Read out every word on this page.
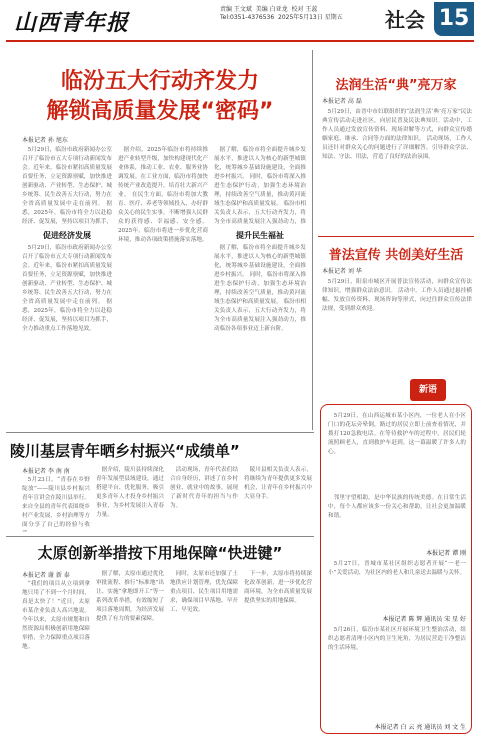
山西青年报
责编 王文斌  美编 白亚龙  校对 王蕊
Tel:0351-4376536  2025年5月13日 星期五 社会 15
临汾五大行动齐发力
解锁高质量发展“密码”
本报记者 孙 旭东

5月29日，临汾市政府新闻办公室召开了临汾市五大专项行动新闻发布会。近年来，临汾市紧扣高质量发展首要任务，立足资源禀赋，加快推进创新驱动、产业转型、生态保护、城乡统筹、民生改善五大行动，努力在全省高质量发展中走在前列。 据悉，2025年，临汾市将全力以赴稳经济、促发展，坚持以项目为抓手，

促进经济发展

5月29日，临汾市政府新闻办公室召开了临汾市五大专项行动新闻发布会。近年来，临汾市紧扣高质量发展首要任务，立足资源禀赋，加快推进创新驱动、产业转型、生态保护、城乡统筹、民生改善五大行动，努力在全省高质量发展中走在前列。 据悉，2025年，临汾市将全力以赴稳经济、促发展，坚持以项目为抓手，全力推动重点工作落地见效。

据介绍，2025年临汾市将持续推进产业转型升级，加快构建现代化产业体系，推动工业、农业、服务业协调发展。在工业方面，临汾市将加快传统产业改造提升，培育壮大新兴产业。 在民生方面，临汾市将加大教育、医疗、养老等领域投入，办好群众关心的民生实事，不断增强人民群众的获得感、幸福感、安全感。 2025年，临汾市将进一步优化营商环境，推动各项政策措施落实落地。

据了解，临汾市将全面提升城乡发展水平，推进以人为核心的新型城镇化，统筹城乡基础设施建设，全面推进乡村振兴。 同时，临汾市将深入推进生态保护行动，加强生态环境治理，持续改善空气质量，推动黄河流域生态保护和高质量发展。 临汾市相关负责人表示，五大行动齐发力，将为全市高质量发展注入强劲动力，推

提升民生福祉

据了解，临汾市将全面提升城乡发展水平，推进以人为核心的新型城镇化，统筹城乡基础设施建设，全面推进乡村振兴。 同时，临汾市将深入推进生态保护行动，加强生态环境治理，持续改善空气质量，推动黄河流域生态保护和高质量发展。 临汾市相关负责人表示，五大行动齐发力，将为全市高质量发展注入强劲动力，推动临汾各项事业迈上新台阶。

法润生活“典”亮万家
本报记者 高 磊

5月29日，由晋中市妇联组织的“法润生活‘典’亮万家”民法典宣传活动走进社区，向居民普及民法典知识。活动中，工作人员通过发放宣传资料、现场讲解等方式，向群众宣传婚姻家庭、继承、合同等方面的法律知识。 活动现场，工作人员还针对群众关心的问题进行了详细解答，引导群众学法、知法、守法、用法，营造了良好的法治氛围。

普法宣传 共创美好生活
本报记者 刘 华

5月29日，阳泉市城区开展普法宣传活动，向群众宣传法律知识，增强群众法治意识。 活动中，工作人员通过悬挂横幅、发放宣传资料、现场咨询等形式，向过往群众宣传法律法规，受到群众欢迎。

陵川基层青年晒乡村振兴“成绩单”
本报记者 李 南 南

5月23日，“青春在乡野绽放”——陵川县乡村振兴青年宣讲会在陵川县举行。来自全县的青年代表围绕乡村产业发展、乡村治理等方面分享了自己的经验与收

据介绍，陵川县持续深化青年发展型县域建设，通过搭建平台、优化服务，吸引更多青年人才投身乡村振兴事业，为乡村发展注入青春力量。

活动现场，青年代表们结合自身经历，讲述了在乡村创业、就业中的故事，展现了新时代青年的担当与作为。

陵川县相关负责人表示，将继续为青年提供更多发展机会，让青年在乡村振兴中大显身手。

太原创新举措按下用地保障“快进键”
本报记者 谢 新 泰

“我们的项目从立项到拿地只用了不到一个月时间，真是太快了！”近日，太原市某企业负责人高兴地说。今年以来，太原市规划和自然资源局积极创新用地保障举措，全力保障重点项目落地。

据了解，太原市通过优化审批流程、推行“标准地”出让、实施“拿地即开工”等一系列改革举措，有效缩短了项目落地周期，为经济发展提供了有力的要素保障。

同时，太原市还加强了土地供应计划管理，优先保障重点项目、民生项目用地需求，确保项目早落地、早开工、早见效。

下一步，太原市将持续深化改革创新，进一步优化营商环境，为全市高质量发展提供坚实的用地保障。

新语

5月29日，在山西运城市某小区内，一位老人在小区门口的花坛旁晕倒，路过的居民立即上前查看情况，并拨打120急救电话。在等待救护车的过程中，居民们轮流照顾老人，直到救护车赶到。这一幕温暖了许多人的心。

邻里守望相助，是中华民族的传统美德。在日常生活中，每个人都应该多一份关心和帮助，让社会更加温暖和谐。

本报记者 谭 刚

5月27日，晋城市某社区组织志愿者开展“一老一小”关爱活动，为社区内的老人和儿童送去温暖与关怀。

本报记者 陈 辉 通讯员 宋 星 好

5月26日，临汾市某社区开展环境卫生整治活动，组织志愿者清理小区内的卫生死角，为居民营造干净整洁的生活环境。

本报记者 白 云 亮 通讯员 刘 文 生
